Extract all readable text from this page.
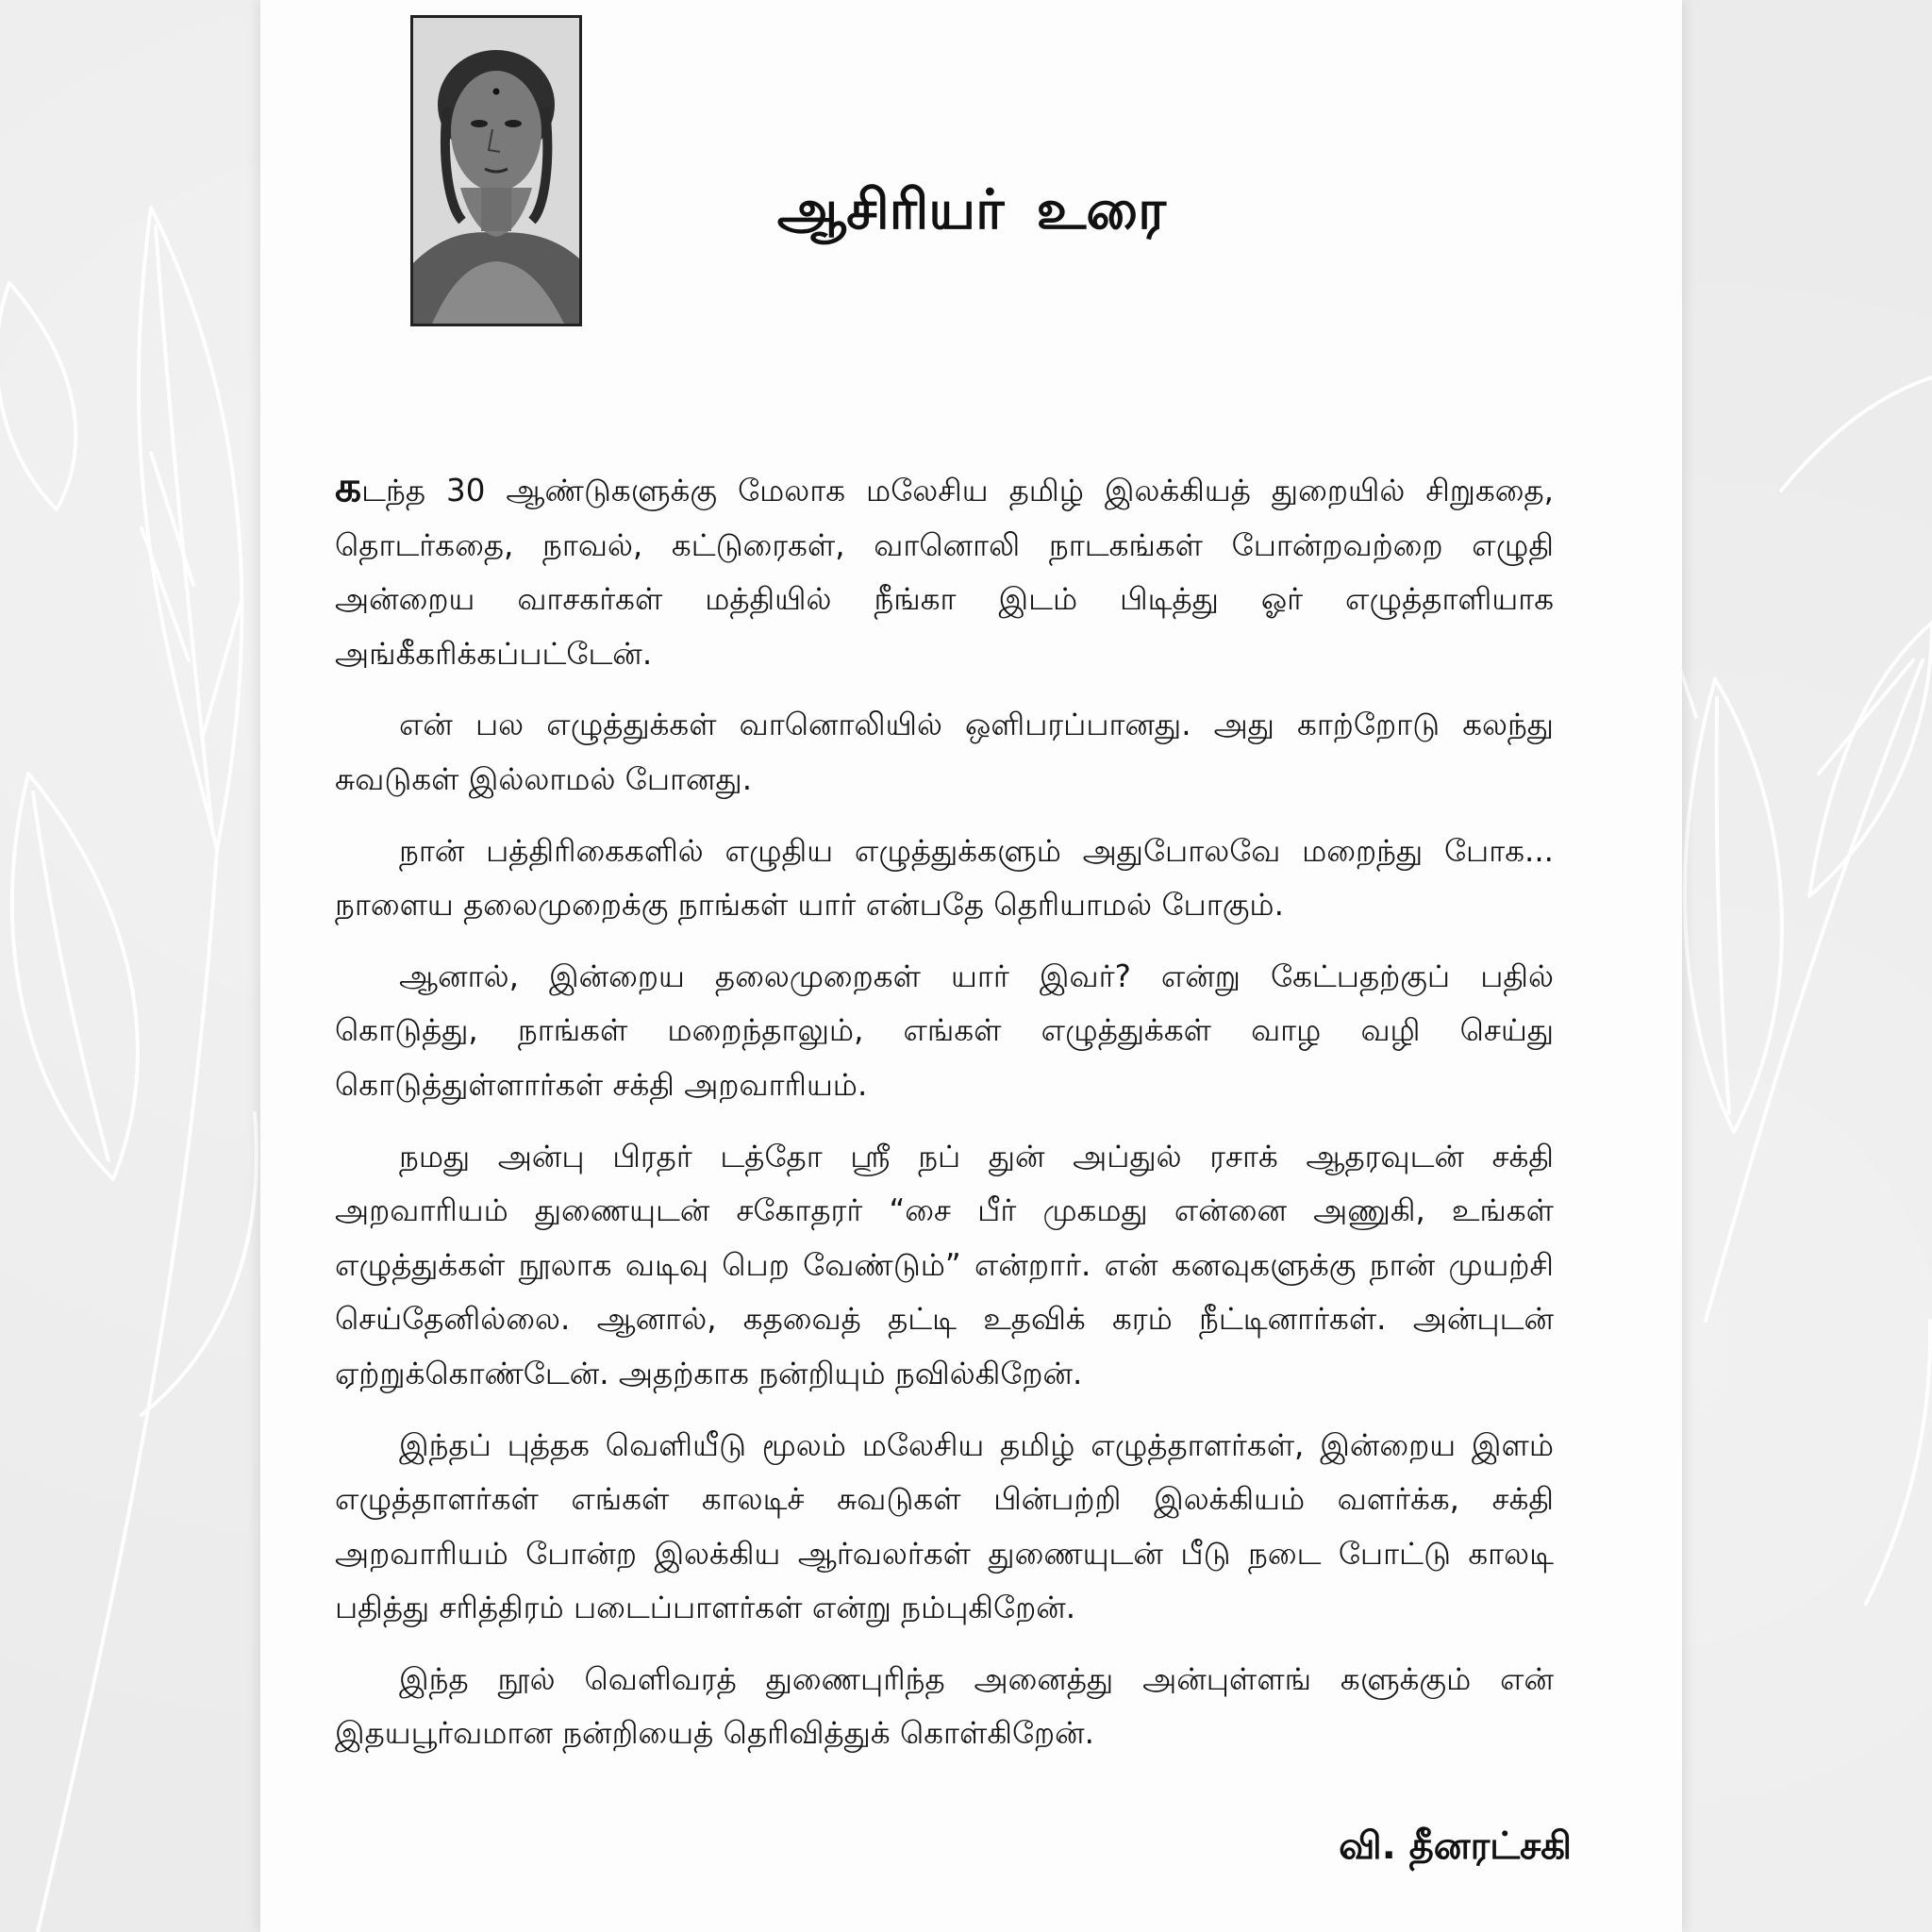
ஆசிரியர் உரை

கடந்த 30 ஆண்டுகளுக்கு மேலாக மலேசிய தமிழ் இலக்கியத் துறையில் சிறுகதை, தொடர்கதை, நாவல், கட்டுரைகள், வானொலி நாடகங்கள் போன்றவற்றை எழுதி அன்றைய வாசகர்கள் மத்தியில் நீங்கா இடம் பிடித்து ஓர் எழுத்தாளியாக அங்கீகரிக்கப்பட்டேன்.

என் பல எழுத்துக்கள் வானொலியில் ஒளிபரப்பானது. அது காற்றோடு கலந்து சுவடுகள் இல்லாமல் போனது.

நான் பத்திரிகைகளில் எழுதிய எழுத்துக்களும் அதுபோலவே மறைந்து போக... நாளைய தலைமுறைக்கு நாங்கள் யார் என்பதே தெரியாமல் போகும்.

ஆனால், இன்றைய தலைமுறைகள் யார் இவர்? என்று கேட்பதற்குப் பதில் கொடுத்து, நாங்கள் மறைந்தாலும், எங்கள் எழுத்துக்கள் வாழ வழி செய்து கொடுத்துள்ளார்கள் சக்தி அறவாரியம்.

நமது அன்பு பிரதர் டத்தோ ஸ்ரீ நப் துன் அப்துல் ரசாக் ஆதரவுடன் சக்தி அறவாரியம் துணையுடன் சகோதரர் “சை பீர் முகமது என்னை அணுகி, உங்கள் எழுத்துக்கள் நூலாக வடிவு பெற வேண்டும்” என்றார். என் கனவுகளுக்கு நான் முயற்சி செய்தேனில்லை. ஆனால், கதவைத் தட்டி உதவிக் கரம் நீட்டினார்கள். அன்புடன் ஏற்றுக்கொண்டேன். அதற்காக நன்றியும் நவில்கிறேன்.

இந்தப் புத்தக வெளியீடு மூலம் மலேசிய தமிழ் எழுத்தாளர்கள், இன்றைய இளம் எழுத்தாளர்கள் எங்கள் காலடிச் சுவடுகள் பின்பற்றி இலக்கியம் வளர்க்க, சக்தி அறவாரியம் போன்ற இலக்கிய ஆர்வலர்கள் துணையுடன் பீடு நடை போட்டு காலடி பதித்து சரித்திரம் படைப்பாளர்கள் என்று நம்புகிறேன்.

இந்த நூல் வெளிவரத் துணைபுரிந்த அனைத்து அன்புள்ளங் களுக்கும் என் இதயபூர்வமான நன்றியைத் தெரிவித்துக் கொள்கிறேன்.

வி. தீனரட்சகி
